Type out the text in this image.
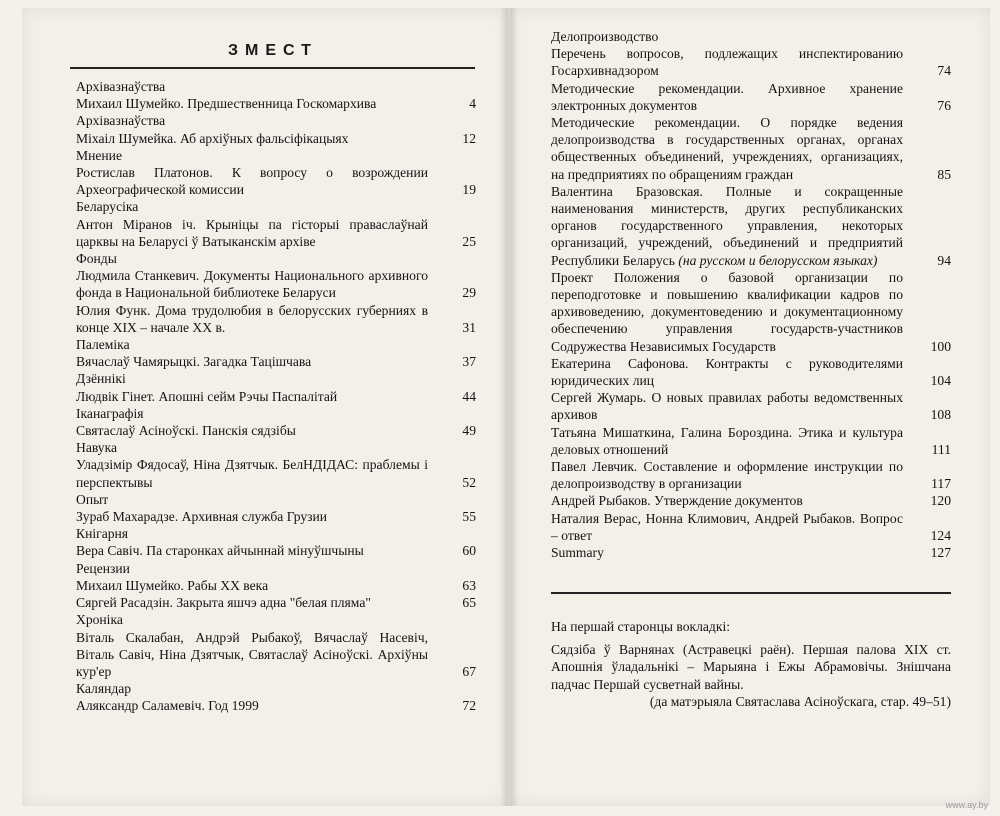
ЗМЕСТ
Архiвазнаўства
Михаил Шумейко. Предшественница Госкомархива	4
Архiвазнаўства
Міхаіл Шумейка. Аб архіўных фальсіфікацыях	12
Мнение
Ростислав Платонов. К вопросу о возрождении Археографической комиссии	19
Беларусіка
Антон Міранов іч. Крыніцы па гісторыі праваслаўнай царквы на Беларусі ў Ватыканскім архіве	25
Фонды
Людмила Станкевич. Документы Национального архивного фонда в Национальной библиотеке Беларуси	29
Юлия Функ. Дома трудолюбия в белорусских губерниях в конце XIX – начале XX в.	31
Палеміка
Вячаслаў Чамярыцкі. Загадка Тацішчава	37
Дзённікі
Людвік Гінет. Апошні сейм Рэчы Паспалітай	44
Іканаграфія
Святаслаў Асіноўскі. Панскія сядзібы	49
Навука
Уладзімір Фядосаў, Ніна Дзятчык. БелНДІДАС: праблемы і перспектывы	52
Опыт
Зураб Махарадзе. Архивная служба Грузии	55
Кнігарня
Вера Савіч. Па старонках айчыннай мінуўшчыны	60
Рецензии
Михаил Шумейко. Рабы XX века	63
Сяргей Расадзін. Закрыта яшчэ адна "белая пляма"	65
Хроніка
Віталь Скалабан, Андрэй Рыбакоў, Вячаслаў Насевіч, Віталь Савіч, Ніна Дзятчык, Святаслаў Асіноўскі. Архіўны кур'ер	67
Каляндар
Аляксандр Саламевіч. Год 1999	72
Делопроизводство
Перечень вопросов, подлежащих инспектированию Госархивнадзором	74
Методические рекомендации. Архивное хранение электронных документов	76
Методические рекомендации. О порядке ведения делопроизводства в государственных органах, органах общественных объединений, учреждениях, организациях, на предприятиях по обращениям граждан	85
Валентина Бразовская. Полные и сокращенные наименования министерств, других республиканских органов государственного управления, некоторых организаций, учреждений, объединений и предприятий Республики Беларусь (на русском и белорусском языках)	94
Проект Положения о базовой организации по переподготовке и повышению квалификации кадров по архивоведению, документоведению и документационному обеспечению управления государств-участников Содружества Независимых Государств	100
Екатерина Сафонова. Контракты с руководителями юридических лиц	104
Сергей Жумарь. О новых правилах работы ведомственных архивов	108
Татьяна Мишаткина, Галина Бороздина. Этика и культура деловых отношений	111
Павел Левчик. Составление и оформление инструкции по делопроизводству в организации	117
Андрей Рыбаков. Утверждение документов	120
Наталия Верас, Нонна Климович, Андрей Рыбаков. Вопрос – ответ	124
Summary	127

На першай старонцы вокладкі:

Сядзіба ў Варнянах (Астравецкі раён). Першая палова XIX ст. Апошнія ўладальнікі – Марыяна і Ежы Абрамовічы. Знішчана падчас Першай сусветнай вайны.

(да матэрыяла Святаслава Асіноўскага, стар. 49–51)

www.ay.by
